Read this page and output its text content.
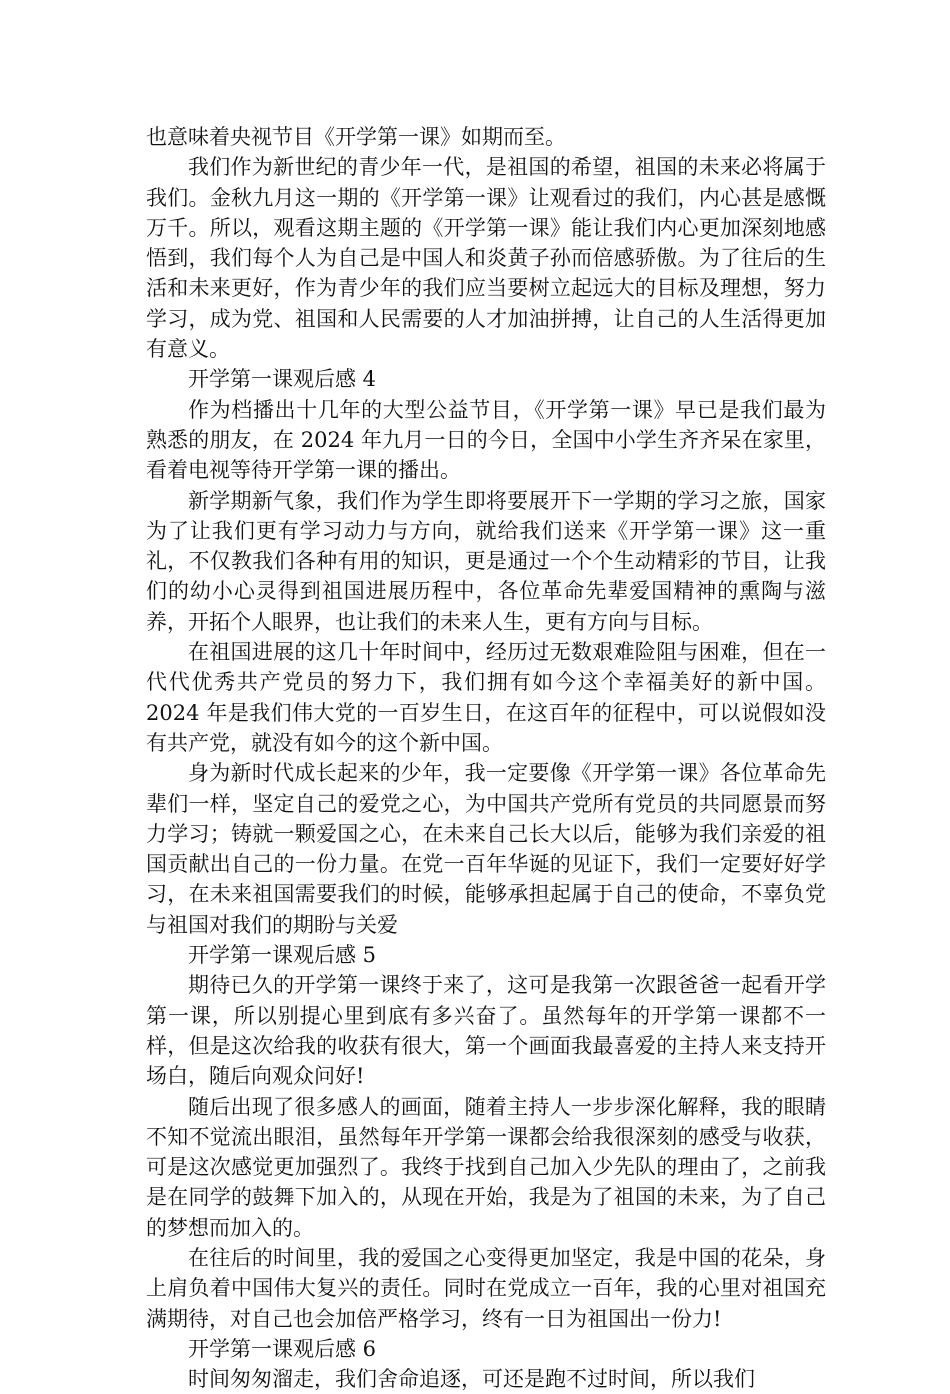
也意味着央视节目《开学第一课》如期而至。

我们作为新世纪的青少年一代，是祖国的希望，祖国的未来必将属于我们。金秋九月这一期的《开学第一课》让观看过的我们，内心甚是感慨万千。所以，观看这期主题的《开学第一课》能让我们内心更加深刻地感悟到，我们每个人为自己是中国人和炎黄子孙而倍感骄傲。为了往后的生活和未来更好，作为青少年的我们应当要树立起远大的目标及理想，努力学习，成为党、祖国和人民需要的人才加油拼搏，让自己的人生活得更加有意义。

开学第一课观后感 4

作为档播出十几年的大型公益节目，《开学第一课》早已是我们最为熟悉的朋友，在 2024 年九月一日的今日，全国中小学生齐齐呆在家里，看着电视等待开学第一课的播出。

新学期新气象，我们作为学生即将要展开下一学期的学习之旅，国家为了让我们更有学习动力与方向，就给我们送来《开学第一课》这一重礼，不仅教我们各种有用的知识，更是通过一个个生动精彩的节目，让我们的幼小心灵得到祖国进展历程中，各位革命先辈爱国精神的熏陶与滋养，开拓个人眼界，也让我们的未来人生，更有方向与目标。

在祖国进展的这几十年时间中，经历过无数艰难险阻与困难，但在一代代优秀共产党员的努力下，我们拥有如今这个幸福美好的新中国。2024 年是我们伟大党的一百岁生日，在这百年的征程中，可以说假如没有共产党，就没有如今的这个新中国。

身为新时代成长起来的少年，我一定要像《开学第一课》各位革命先辈们一样，坚定自己的爱党之心，为中国共产党所有党员的共同愿景而努力学习；铸就一颗爱国之心，在未来自己长大以后，能够为我们亲爱的祖国贡献出自己的一份力量。在党一百年华诞的见证下，我们一定要好好学习，在未来祖国需要我们的时候，能够承担起属于自己的使命，不辜负党与祖国对我们的期盼与关爱

开学第一课观后感 5

期待已久的开学第一课终于来了，这可是我第一次跟爸爸一起看开学第一课，所以别提心里到底有多兴奋了。虽然每年的开学第一课都不一样，但是这次给我的收获有很大，第一个画面我最喜爱的主持人来支持开场白，随后向观众问好!

随后出现了很多感人的画面，随着主持人一步步深化解释，我的眼睛不知不觉流出眼泪，虽然每年开学第一课都会给我很深刻的感受与收获，可是这次感觉更加强烈了。我终于找到自己加入少先队的理由了，之前我是在同学的鼓舞下加入的，从现在开始，我是为了祖国的未来，为了自己的梦想而加入的。

在往后的时间里，我的爱国之心变得更加坚定，我是中国的花朵，身上肩负着中国伟大复兴的责任。同时在党成立一百年，我的心里对祖国充满期待，对自己也会加倍严格学习，终有一日为祖国出一份力!

开学第一课观后感 6

时间匆匆溜走，我们舍命追逐，可还是跑不过时间，所以我们
